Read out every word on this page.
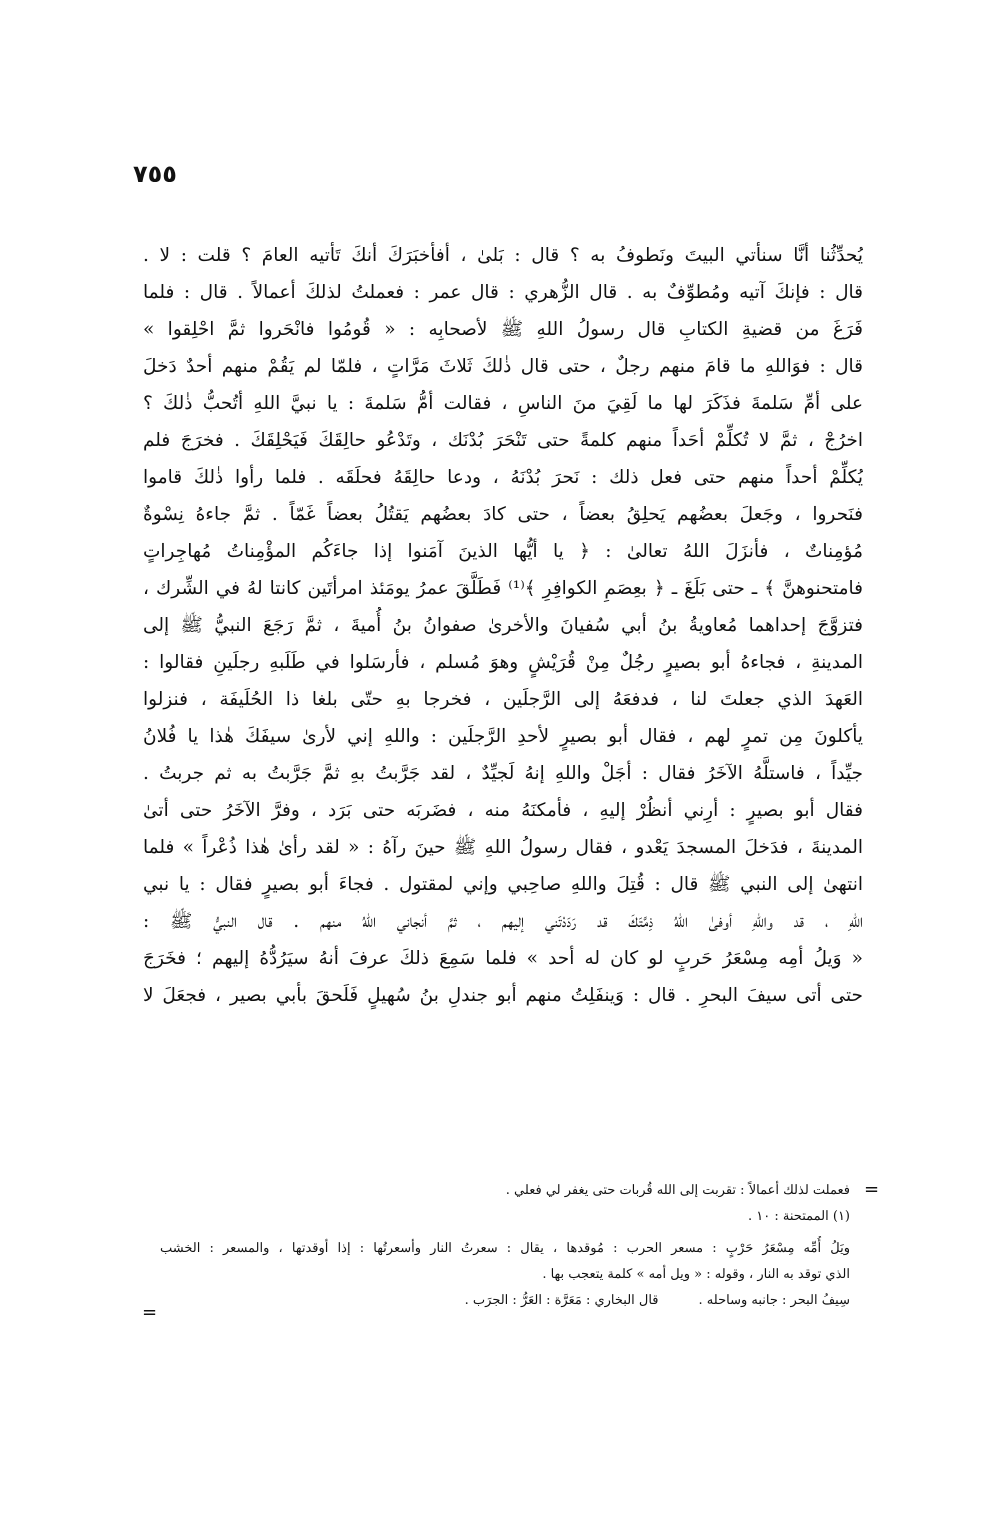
٧٥٥
يُحدِّثُنا أنَّا سنأتي البيتَ ونَطوفُ به ؟ قال : بَلىٰ ، أفأخبَرَكَ أنكَ تَأتيه العامَ ؟ قلت : لا .
قال : فإنكَ آتيه ومُطوِّفٌ به . قال الزُّهري : قال عمر : فعملتُ لذلكَ أعمالاً . قال : فلما
فَرَغَ من قضيةِ الكتابِ قال رسولُ اللهِ ﷺ لأصحابِه : « قُومُوا فانْحَروا ثمَّ احْلِقوا »
قال : فوَاللهِ ما قامَ منهم رجلٌ ، حتى قال ذٰلكَ ثَلاثَ مَرَّاتٍ ، فلمّا لم يَقُمْ منهم أحدٌ دَخلَ
على أمِّ سَلمةَ فذَكَرَ لها ما لَقِيَ منَ الناسِ ، فقالت أمُّ سَلمةَ : يا نبيَّ اللهِ أتُحبُّ ذٰلكَ ؟
اخرُجْ ، ثمَّ لا تُكلِّمْ أحَداً منهم كلمةً حتى تَنْحَرَ بُدْنَك ، وتَدْعُو حالِقَكَ فَيَحْلِقَكَ . فخرَجَ فلم
يُكلِّمْ أحداً منهم حتى فعل ذلك : نَحرَ بُدْنَهُ ، ودعا حالِقَهُ فحلَقَه . فلما رأوا ذٰلكَ قاموا
فنَحروا ، وجَعلَ بعضُهم يَحلِقُ بعضاً ، حتى كادَ بعضُهم يَقتُلُ بعضاً غَمّاً . ثمَّ جاءهُ نِسْوةٌ
مُؤمِناتٌ ، فأنزَلَ اللهُ تعالىٰ : ﴿ يا أيُّها الذينَ آمَنوا إذا جاءَكُم المؤْمِناتُ مُهاجِراتٍ
فامتحنوهنَّ ﴾ ـ حتى بَلَغَ ـ ﴿ بعِصَمِ الكوافِرِ ﴾⁽¹⁾ فَطَلَّقَ عمرُ يومَئذ امرأتَين كانتا لهُ في الشِّرك ،
فتزوَّجَ إحداهما مُعاويةُ بنُ أبي سُفيانَ والأخرىٰ صفوانُ بنُ أُميةَ ، ثمَّ رَجَعَ النبيُّ ﷺ إلى
المدينةِ ، فجاءهُ أبو بصيرٍ رجُلٌ مِنْ قُرَيْشٍ وهوَ مُسلم ، فأرسَلوا في طَلَبهِ رجلَينِ فقالوا :
العَهدَ الذي جعلتَ لنا ، فدفعَهُ إلى الرَّجلَين ، فخرجا بهِ حتّى بلغا ذا الحُلَيفَة ، فنزلوا
يأكلونَ مِن تمرٍ لهم ، فقال أبو بصيرٍ لأحدِ الرَّجلَين : واللهِ إني لأرىٰ سيفَكَ هٰذا يا فُلانُ
جيِّداً ، فاستلَّهُ الآخَرُ فقال : أجَلْ واللهِ إنهُ لَجيِّدٌ ، لقد جَرَّبتُ بهِ ثمَّ جَرَّبتُ به ثم جربتُ .
فقال أبو بصيرٍ : أرِني أنظُرْ إليهِ ، فأمكنَهُ منه ، فضَربَه حتى بَرَد ، وفرَّ الآخَرُ حتى أتىٰ
المدينةَ ، فدَخلَ المسجدَ يَعْدو ، فقال رسولُ اللهِ ﷺ حينَ رآهُ : « لقد رأىٰ هٰذا ذُعْراً » فلما
انتهىٰ إلى النبي ﷺ قال : قُتِلَ واللهِ صاحِبي وإني لمقتول . فجاءَ أبو بصيرٍ فقال : يا نبي
اللهِ ، قد واللهِ أوفىٰ اللهُ ذِمَّتَكَ قد رَدَدْتَني إليهم ، ثمَّ أنجاني اللهُ منهم . قال النبيُّ ﷺ :
« وَيلُ أمِه مِسْعَرُ حَربٍ لو كان له أحد » فلما سَمِعَ ذلكَ عرفَ أنهُ سيَرُدُّهُ إليهم ؛ فخَرَجَ
حتى أتى سيفَ البحرِ . قال : وَينفَلِتُ منهم أبو جندلِ بنُ سُهيلٍ فَلَحقَ بأبي بصير ، فجعَلَ لا
=
=
فعملت لذلك أعمالاً : تقربت إلى الله قُربات حتى يغفر لي فعلي .
(١) الممتحنة : ١٠ .
ويَلُ أُمِّه مِسْعَرُ حَرْبٍ : مسعر الحرب : مُوقدها ، يقال : سعرتُ النار وأسعرتُها : إذا أوقدتها ، والمسعر : الخشب
الذي توقد به النار ، وقوله : « ويل أمه » كلمة يتعجب بها .
سِيفُ البحر : جانبه وساحله .
قال البخاري : مَعَرَّة : العَرُّ : الجرَب .
